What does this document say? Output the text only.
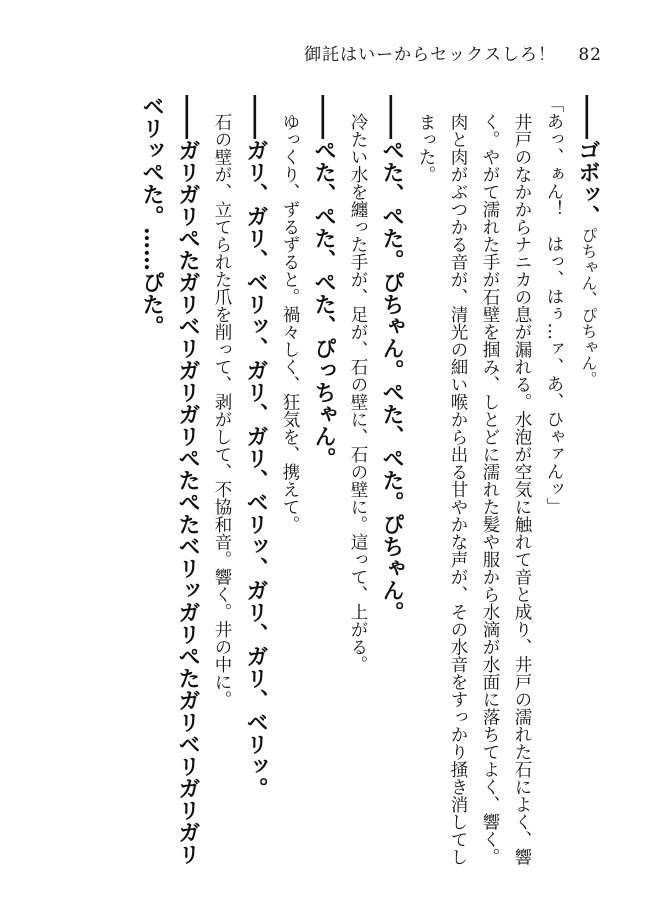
御託はいーからセックスしろ！ 82
――ゴボッ、ぴちゃん、ぴちゃん。
「あっ、ぁん！　はっ、はぅ…ァ、あ、ひゃァんッ」
井戸のなかからナニカの息が漏れる。水泡が空気に触れて音と成り、井戸の濡れた石によく、響く。やがて濡れた手が石壁を掴み、しとどに濡れた髪や服から水滴が水面に落ちてよく、響く。
肉と肉がぶつかる音が、清光の細い喉から出る甘やかな声が、その水音をすっかり掻き消してしまった。
――ぺた、ぺた。ぴちゃん。ぺた、ぺた。ぴちゃん。
冷たい水を纏った手が、足が、石の壁に、石の壁に。這って、上がる。
――ぺた、ぺた、ぺた、ぴっちゃん。
ゆっくり、ずるずると。禍々しく、狂気を、携えて。
――ガリ、ガリ、ベリッ、ガリ、ガリ、ベリッ、ガリ、ガリ、ベリッ。
石の壁が、立てられた爪を削って、剥がして、不協和音。響く。井の中に。
――ガリガリぺたガリベリガリガリぺたぺたベリッガリぺたガリベリガリガリ
ベリッぺた。……ぴた。
